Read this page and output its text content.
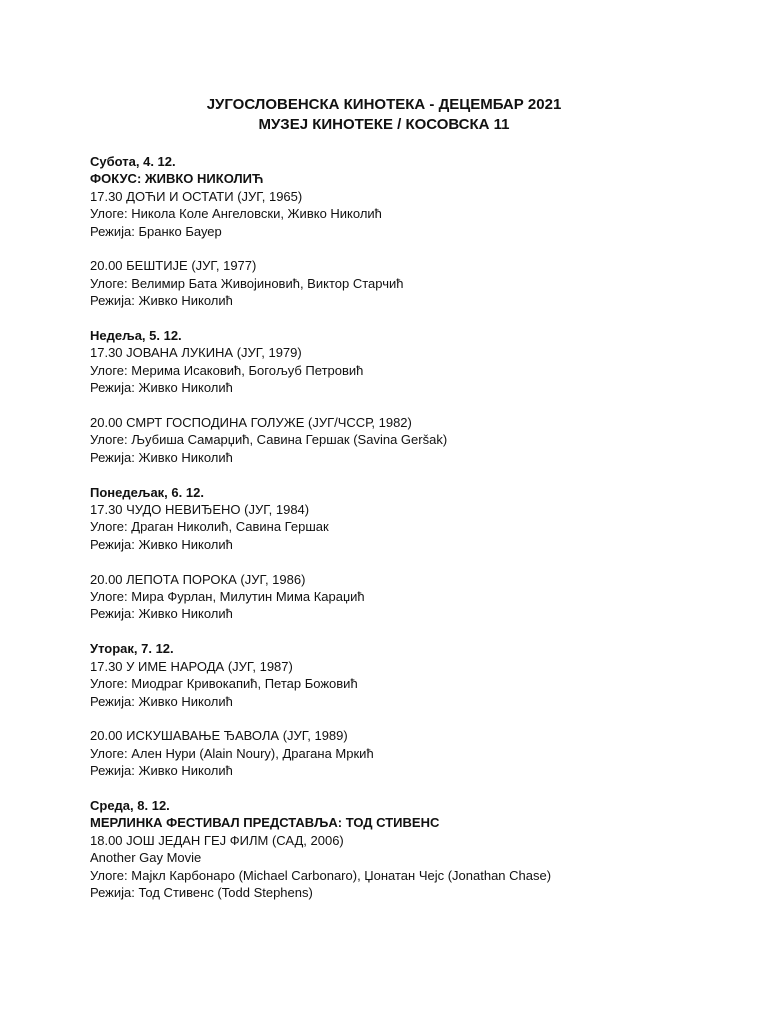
ЈУГОСЛОВЕНСКА КИНОТЕКА - ДЕЦЕМБАР 2021
МУЗЕЈ КИНОТЕКЕ / КОСОВСКА 11
Субота, 4. 12.
ФОКУС: ЖИВКО НИКОЛИЋ
17.30 ДОЋИ И ОСТАТИ (ЈУГ, 1965)
Улоге: Никола Коле Ангеловски, Живко Николић
Режија: Бранко Бауер
20.00 БЕШТИЈЕ (ЈУГ, 1977)
Улоге: Велимир Бата Живојиновић, Виктор Старчић
Режија: Живко Николић
Недеља, 5. 12.
17.30 ЈОВАНА ЛУКИНА (ЈУГ, 1979)
Улоге: Мерима Исаковић, Богољуб Петровић
Режија: Живко Николић
20.00 СМРТ ГОСПОДИНА ГОЛУЖЕ (ЈУГ/ЧССР, 1982)
Улоге: Љубиша Самарџић, Савина Гершак (Savina Geršak)
Режија: Живко Николић
Понедељак, 6. 12.
17.30 ЧУДО НЕВИЂЕНО (ЈУГ, 1984)
Улоге: Драган Николић, Савина Гершак
Режија: Живко Николић
20.00 ЛЕПОТА ПОРОКА (ЈУГ, 1986)
Улоге: Мира Фурлан, Милутин Мима Караџић
Режија: Живко Николић
Уторак, 7. 12.
17.30 У ИМЕ НАРОДА (ЈУГ, 1987)
Улоге: Миодраг Кривокапић, Петар Божовић
Режија: Живко Николић
20.00 ИСКУШАВАЊЕ ЂАВОЛА (ЈУГ, 1989)
Улоге: Ален Нури (Alain Noury), Драгана Мркић
Режија: Живко Николић
Среда, 8. 12.
МЕРЛИНКА ФЕСТИВАЛ ПРЕДСТАВЉА: ТОД СТИВЕНС
18.00 ЈОШ ЈЕДАН ГЕЈ ФИЛМ (САД, 2006)
Another Gay Movie
Улоге: Мајкл Карбонаро (Michael Carbonaro), Џонатан Чејс (Jonathan Chase)
Режија: Тод Стивенс (Todd Stephens)
